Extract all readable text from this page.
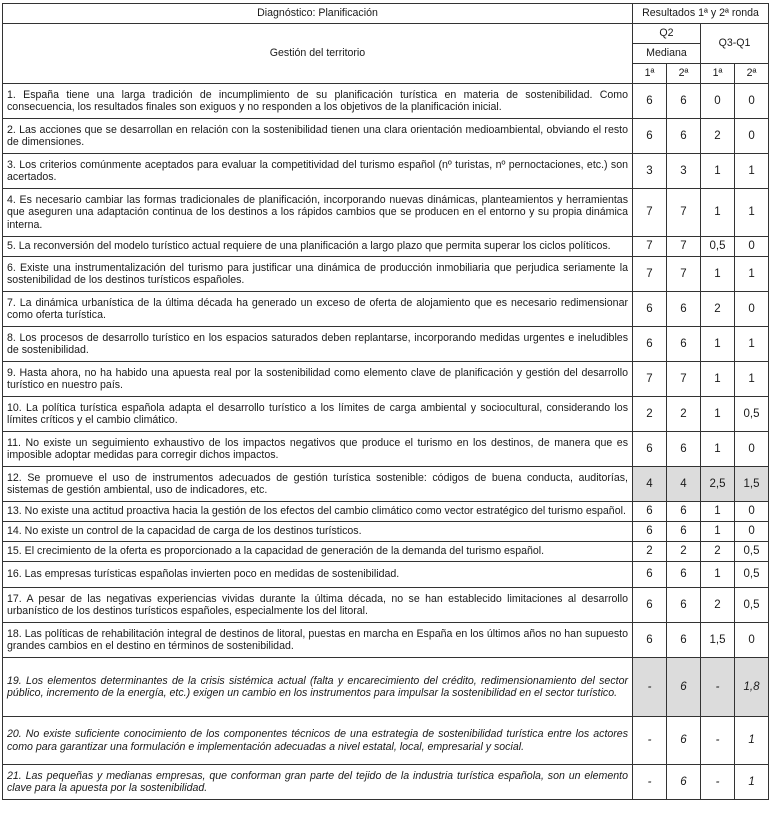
Diagnóstico: Planificación	Resultados 1ª y 2ª ronda			
Gestión del territorio	Q2		Q3-Q1	
	Mediana			
	1ª	2ª	1ª	2ª
1. España tiene una larga tradición de incumplimiento de su planificación turística en materia de sostenibilidad. Como consecuencia, los resultados finales son exiguos y no responden a los objetivos de la planificación inicial.	6	6	0	0
2. Las acciones que se desarrollan en relación con la sostenibilidad tienen una clara orientación medioambiental, obviando el resto de dimensiones.	6	6	2	0
3. Los criterios comúnmente aceptados para evaluar la competitividad del turismo español (nº turistas, nº pernoctaciones, etc.) son acertados.	3	3	1	1
4. Es necesario cambiar las formas tradicionales de planificación, incorporando nuevas dinámicas, planteamientos y herramientas que aseguren una adaptación continua de los destinos a los rápidos cambios que se producen en el entorno y su propia dinámica interna.	7	7	1	1
5. La reconversión del modelo turístico actual requiere de una planificación a largo plazo que permita superar los ciclos políticos.	7	7	0,5	0
6. Existe una instrumentalización del turismo para justificar una dinámica de producción inmobiliaria que perjudica seriamente la sostenibilidad de los destinos turísticos españoles.	7	7	1	1
7. La dinámica urbanística de la última década ha generado un exceso de oferta de alojamiento que es necesario redimensionar como oferta turística.	6	6	2	0
8. Los procesos de desarrollo turístico en los espacios saturados deben replantarse, incorporando medidas urgentes e ineludibles de sostenibilidad.	6	6	1	1
9. Hasta ahora, no ha habido una apuesta real por la sostenibilidad como elemento clave de planificación y gestión del desarrollo turístico en nuestro país.	7	7	1	1
10. La política turística española adapta el desarrollo turístico a los límites de carga ambiental y sociocultural, considerando los límites críticos y el cambio climático.	2	2	1	0,5
11. No existe un seguimiento exhaustivo de los impactos negativos que produce el turismo en los destinos, de manera que es imposible adoptar medidas para corregir dichos impactos.	6	6	1	0
12. Se promueve el uso de instrumentos adecuados de gestión turística sostenible: códigos de buena conducta, auditorías, sistemas de gestión ambiental, uso de indicadores, etc.	4	4	2,5	1,5
13. No existe una actitud proactiva hacia la gestión de los efectos del cambio climático como vector estratégico del turismo español.	6	6	1	0
14. No existe un control de la capacidad de carga de los destinos turísticos.	6	6	1	0
15. El crecimiento de la oferta es proporcionado a la capacidad de generación de la demanda del turismo español.	2	2	2	0,5
16. Las empresas turísticas españolas invierten poco en medidas de sostenibilidad.	6	6	1	0,5
17. A pesar de las negativas experiencias vividas durante la última década, no se han establecido limitaciones al desarrollo urbanístico de los destinos turísticos españoles, especialmente los del litoral.	6	6	2	0,5
18. Las políticas de rehabilitación integral de destinos de litoral, puestas en marcha en España en los últimos años no han supuesto grandes cambios en el destino en términos de sostenibilidad.	6	6	1,5	0
19. Los elementos determinantes de la crisis sistémica actual (falta y encarecimiento del crédito, redimensionamiento del sector público, incremento de la energía, etc.) exigen un cambio en los instrumentos para impulsar la sostenibilidad en el sector turístico.	-	6	-	1,8
20. No existe suficiente conocimiento de los componentes técnicos de una estrategia de sostenibilidad turística entre los actores como para garantizar una formulación e implementación adecuadas a nivel estatal, local, empresarial y social.	-	6	-	1
21. Las pequeñas y medianas empresas, que conforman gran parte del tejido de la industria turística española, son un elemento clave para la apuesta por la sostenibilidad.	-	6	-	1
